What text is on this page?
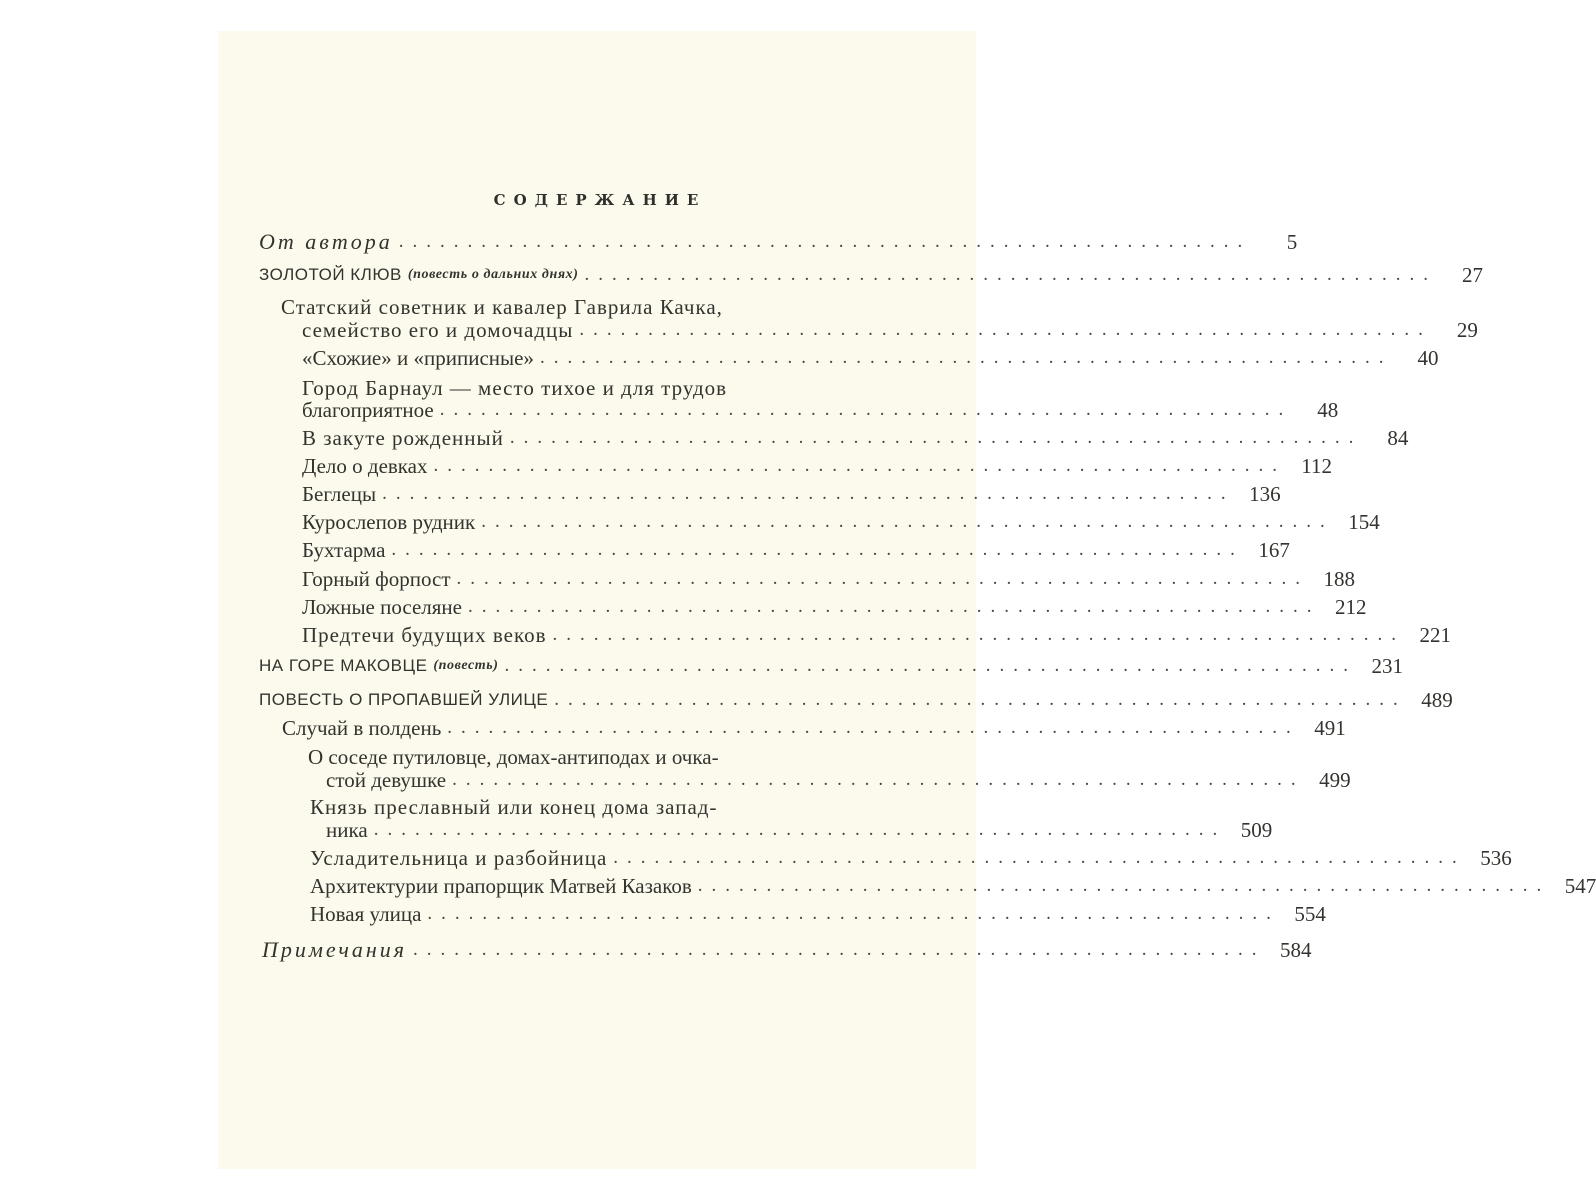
СОДЕРЖАНИЕ
От автора ..............................................................	5
ЗОЛОТОЙ КЛЮВ (повесть о дальних днях) ..............................................................	27
Статский советник и кавалер Гаврила Качка,
семейство его и домочадцы ..............................................................	29
«Схожие» и «приписные» ..............................................................	40
Город Барнаул — место тихое и для трудов
благоприятное ..............................................................	48
В закуте рожденный ..............................................................	84
Дело о девках .............................................................. 112
Беглецы .............................................................. 136
Курослепов рудник .............................................................. 154
Бухтарма .............................................................. 167
Горный форпост .............................................................. 188
Ложные поселяне .............................................................. 212
Предтечи будущих веков .............................................................. 221
НА ГОРЕ МАКОВЦЕ (повесть) .............................................................. 231
ПОВЕСТЬ О ПРОПАВШЕЙ УЛИЦЕ .............................................................. 489
Случай в полдень .............................................................. 491
О соседе путиловце, домах-антиподах и очка-
стой девушке .............................................................. 499
Князь преславный или конец дома запад-
ника .............................................................. 509
Усладительница и разбойница .............................................................. 536
Архитектурии прапорщик Матвей Казаков .............................................................. 547
Новая улица .............................................................. 554
Примечания .............................................................. 584
